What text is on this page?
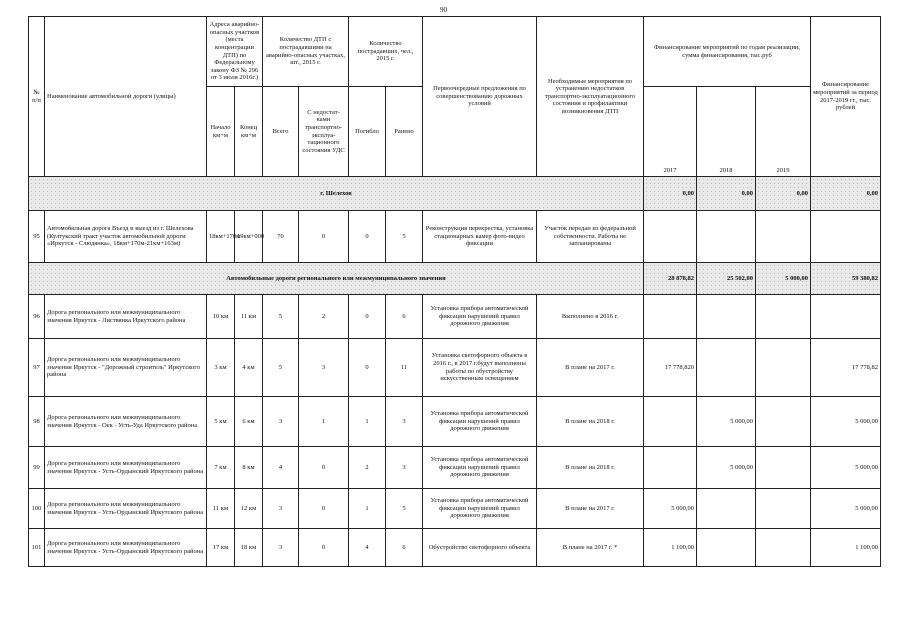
90
№ п/п	Наименование автомобильной дороги (улицы)	Адреса аварийно-опасных участков (места концентрации ДТП) по Федеральному закону ФЗ № 296 от 3 июля 2016г.)		Количество ДТП с пострадавшими на аварийно-опасных участках, шт., 2015 г.		Количество пострадавших, чел., 2015 г.		Первоочередные предложения по совершенствованию дорожных условий	Необходимые мероприятия по устранению недостатков транспортно-эксплуатационного состояния и профилактики возникновения ДТП	Финансирование мероприятий по годам реализации, сумма финансирования, тыс.руб			Финансирование мероприятий за период 2017-2019 гг., тыс. рублей
		Начало км+м	Конец км+м	Всего	С недостат-ками транспортно-эксплуа-тационного состояния УДС	Погибло	Ранено			2017	2018	2019	
г. Шелехов										0,00	0,00	0,00	0,00
95	Автомобильная дорога Въезд и выезд из г. Шелехова (Култукский тракт участок автомобильной дороги «Иркутск - Слюдянка», 18км+170м-21км+163м)	18км+170м-	19км+000	70	0	0	5	Реконструкция перекрестка, установка стационарных камер фото-видео фиксации	Участок передан из федеральной собственности. Работы не запланированы				
Автомобильные дороги регионального или межмуниципального значения										28 878,82	25 502,00	5 000,00	59 380,82
96	Дорога регионального или межмуниципального значения Иркутск - Листвянка Иркутского района	10 км	11 км	5	2	0	6	Установка прибора автоматической фиксации нарушений правил дорожного движения	Выполнено в 2016 г.				
97	Дорога регионального или межмуниципального значения Иркутск - "Дорожный строитель" Иркутского района	3 км	4 км	5	3	0	11	Установка светофорного объекта в 2016 г., в 2017 г.будут выполнены работы по обустройству искусственным освещением	В плане на 2017 г.	17 778,820			17 778,82
98	Дорога регионального или межмуниципального значения Иркутск - Оек - Усть-Уда Иркутского района	5 км	6 км	3	1	1	3	Установка прибора автоматической фиксации нарушений правил дорожного движения	В плане на 2018 г.		5 000,00		5 000,00
99	Дорога регионального или межмуниципального значения Иркутск - Усть-Ордынский Иркутского района	7 км	8 км	4	0	2	3	Установка прибора автоматической фиксации нарушений правил дорожного движения	В плане на 2018 г.		5 000,00		5 000,00
100	Дорога регионального или межмуниципального значения Иркутск - Усть-Ордынский Иркутского района	11 км	12 км	3	0	1	5	Установка прибора автоматической фиксации нарушений правил дорожного движения	В плане на 2017 г.	5 000,00			5 000,00
101	Дорога регионального или межмуниципального значения Иркутск - Усть-Ордынский Иркутского района	17 км	18 км	3	0	4	6	Обустройство светофорного объекта	В плане на 2017 г. *	1 100,00			1 100,00
